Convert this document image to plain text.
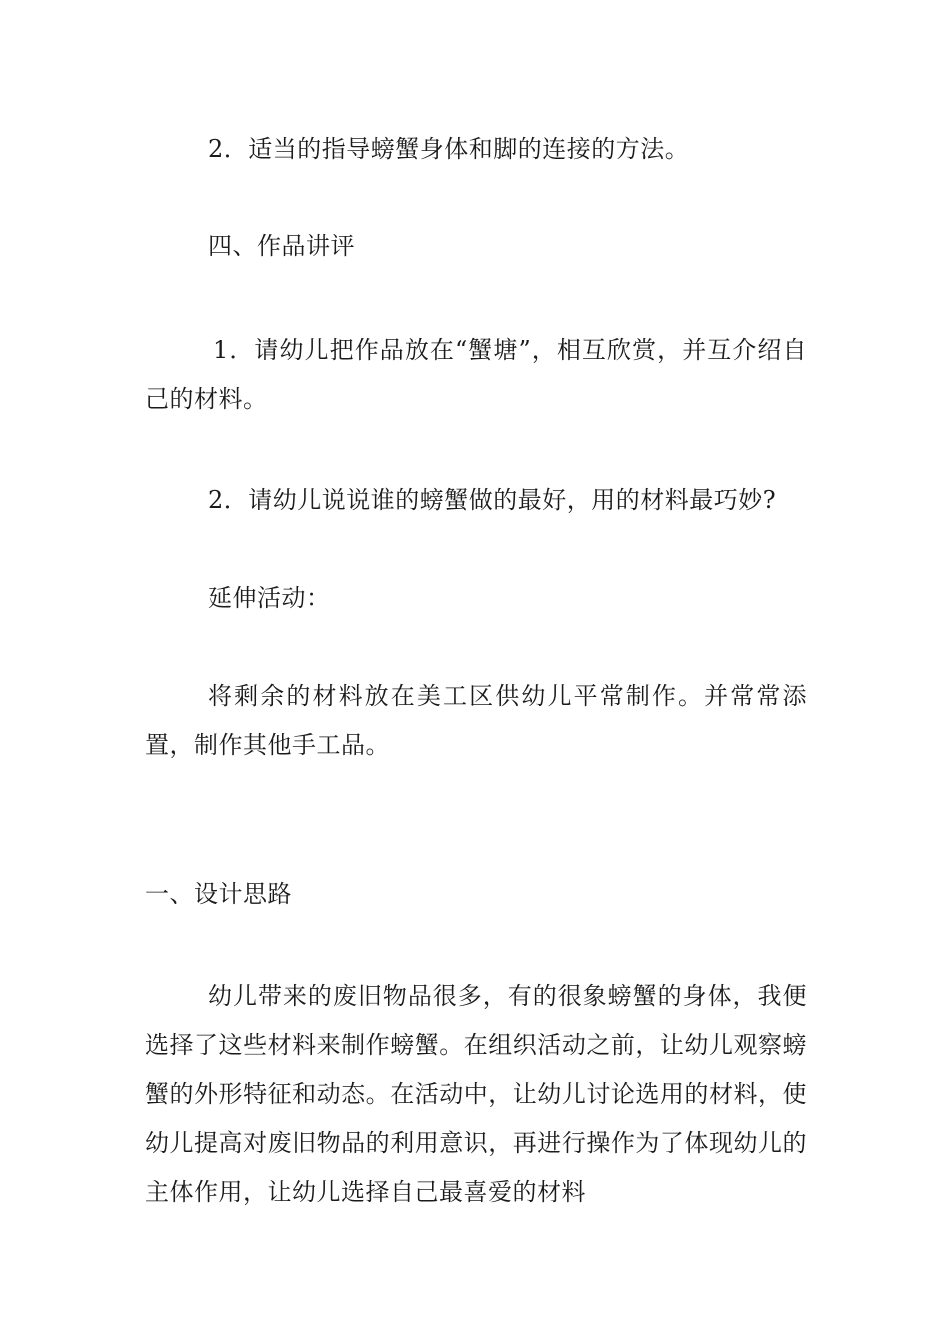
2．适当的指导螃蟹身体和脚的连接的方法。

四、作品讲评

1．请幼儿把作品放在“蟹塘”，相互欣赏，并互介绍自己的材料。

2．请幼儿说说谁的螃蟹做的最好，用的材料最巧妙?

延伸活动：

将剩余的材料放在美工区供幼儿平常制作。并常常添置，制作其他手工品。

一、设计思路

幼儿带来的废旧物品很多，有的很象螃蟹的身体，我便选择了这些材料来制作螃蟹。在组织活动之前，让幼儿观察螃蟹的外形特征和动态。在活动中，让幼儿讨论选用的材料，使幼儿提高对废旧物品的利用意识，再进行操作为了体现幼儿的主体作用，让幼儿选择自己最喜爱的材料
